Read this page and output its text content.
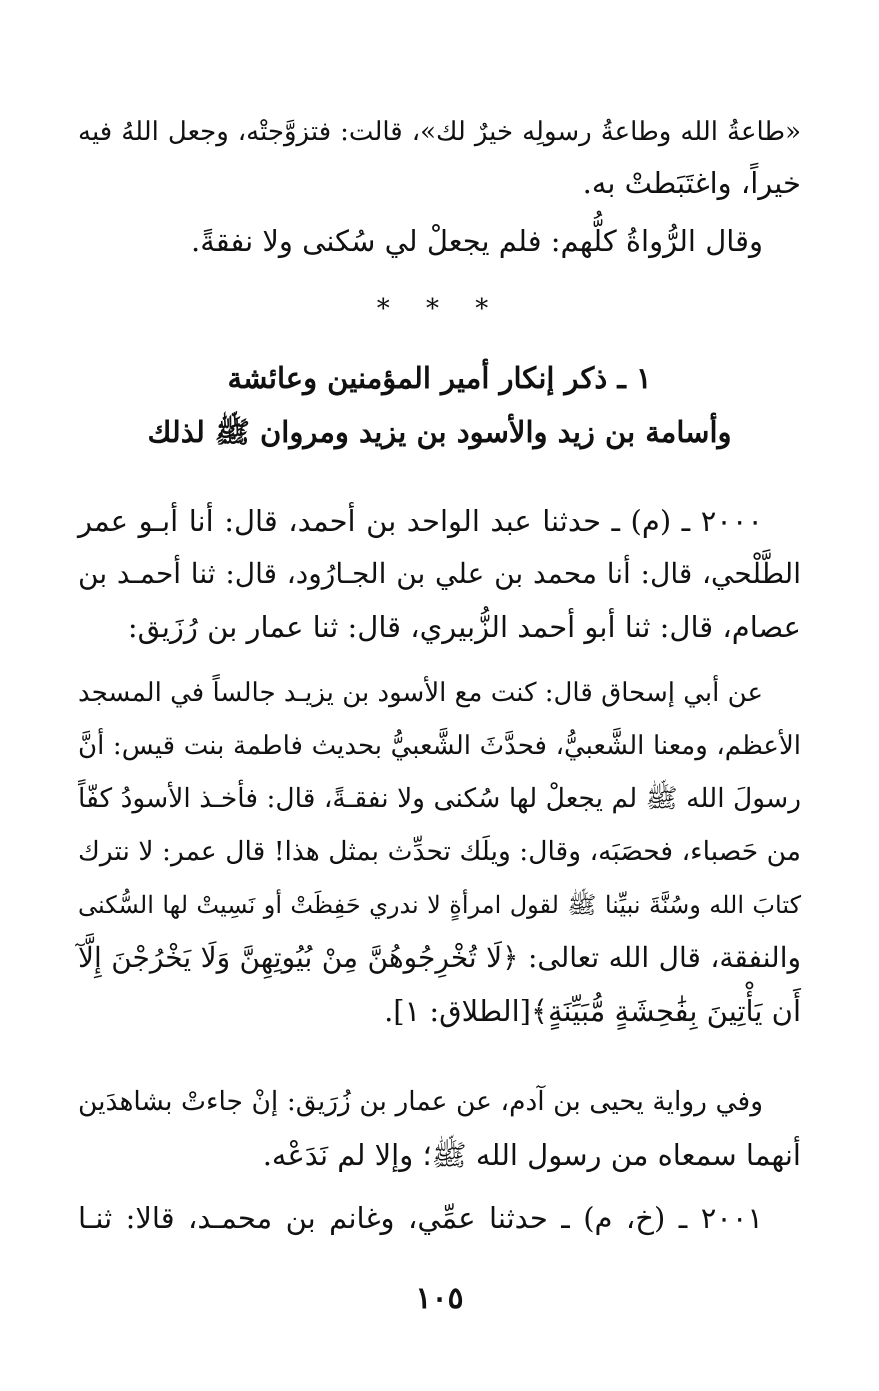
«طاعةُ الله وطاعةُ رسولِه خيرٌ لك»، قالت: فتزوَّجتْه، وجعل اللهُ فيه
خيراً، واغتَبَطتْ به.
وقال الرُّواةُ كلُّهم: فلم يجعلْ لي سُكنى ولا نفقةً.
* * *
١ ـ ذكر إنكار أمير المؤمنين وعائشة
وأسامة بن زيد والأسود بن يزيد ومروان ﷺ لذلك
٢٠٠٠ ـ (م) ـ حدثنا عبد الواحد بن أحمد، قال: أنا أبـو عمر
الطَّلْحي، قال: أنا محمد بن علي بن الجـارُود، قال: ثنا أحمـد بن
عصام، قال: ثنا أبو أحمد الزُّبيري، قال: ثنا عمار بن رُزَيق:
عن أبي إسحاق قال: كنت مع الأسود بن يزيـد جالساً في المسجد
الأعظم، ومعنا الشَّعبيُّ، فحدَّثَ الشَّعبيُّ بحديث فاطمة بنت قيس: أنَّ
رسولَ الله ﷺ لم يجعلْ لها سُكنى ولا نفقـةً، قال: فأخـذ الأسودُ كفّاً
من حَصباء، فحصَبَه، وقال: ويلَك تحدِّث بمثل هذا! قال عمر: لا نترك
كتابَ الله وسُنَّةَ نبيِّنا ﷺ لقول امرأةٍ لا ندري حَفِظَتْ أو نَسِيتْ لها السُّكنى
والنفقة، قال الله تعالى: ﴿لَا تُخْرِجُوهُنَّ مِنْ بُيُوتِهِنَّ وَلَا يَخْرُجْنَ إِلَّآ
أَن يَأْتِينَ بِفَٰحِشَةٍ مُّبَيِّنَةٍ﴾[الطلاق: ١].
وفي رواية يحيى بن آدم، عن عمار بن زُرَيق: إنْ جاءتْ بشاهدَين
أنهما سمعاه من رسول الله ﷺ؛ وإلا لم نَدَعْه.
٢٠٠١ ـ (خ، م) ـ حدثنا عمِّي، وغانم بن محمـد، قالا: ثنـا
١٠٥
